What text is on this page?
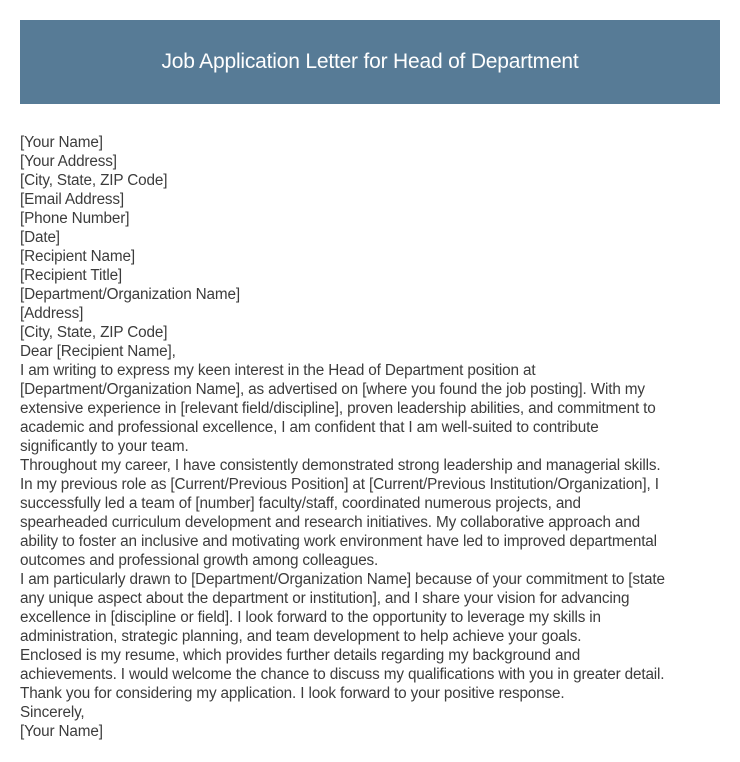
Job Application Letter for Head of Department
[Your Name]
[Your Address]
[City, State, ZIP Code]
[Email Address]
[Phone Number]
[Date]
[Recipient Name]
[Recipient Title]
[Department/Organization Name]
[Address]
[City, State, ZIP Code]
Dear [Recipient Name],
I am writing to express my keen interest in the Head of Department position at
[Department/Organization Name], as advertised on [where you found the job posting]. With my
extensive experience in [relevant field/discipline], proven leadership abilities, and commitment to
academic and professional excellence, I am confident that I am well-suited to contribute
significantly to your team.
Throughout my career, I have consistently demonstrated strong leadership and managerial skills.
In my previous role as [Current/Previous Position] at [Current/Previous Institution/Organization], I
successfully led a team of [number] faculty/staff, coordinated numerous projects, and
spearheaded curriculum development and research initiatives. My collaborative approach and
ability to foster an inclusive and motivating work environment have led to improved departmental
outcomes and professional growth among colleagues.
I am particularly drawn to [Department/Organization Name] because of your commitment to [state
any unique aspect about the department or institution], and I share your vision for advancing
excellence in [discipline or field]. I look forward to the opportunity to leverage my skills in
administration, strategic planning, and team development to help achieve your goals.
Enclosed is my resume, which provides further details regarding my background and
achievements. I would welcome the chance to discuss my qualifications with you in greater detail.
Thank you for considering my application. I look forward to your positive response.
Sincerely,
[Your Name]
